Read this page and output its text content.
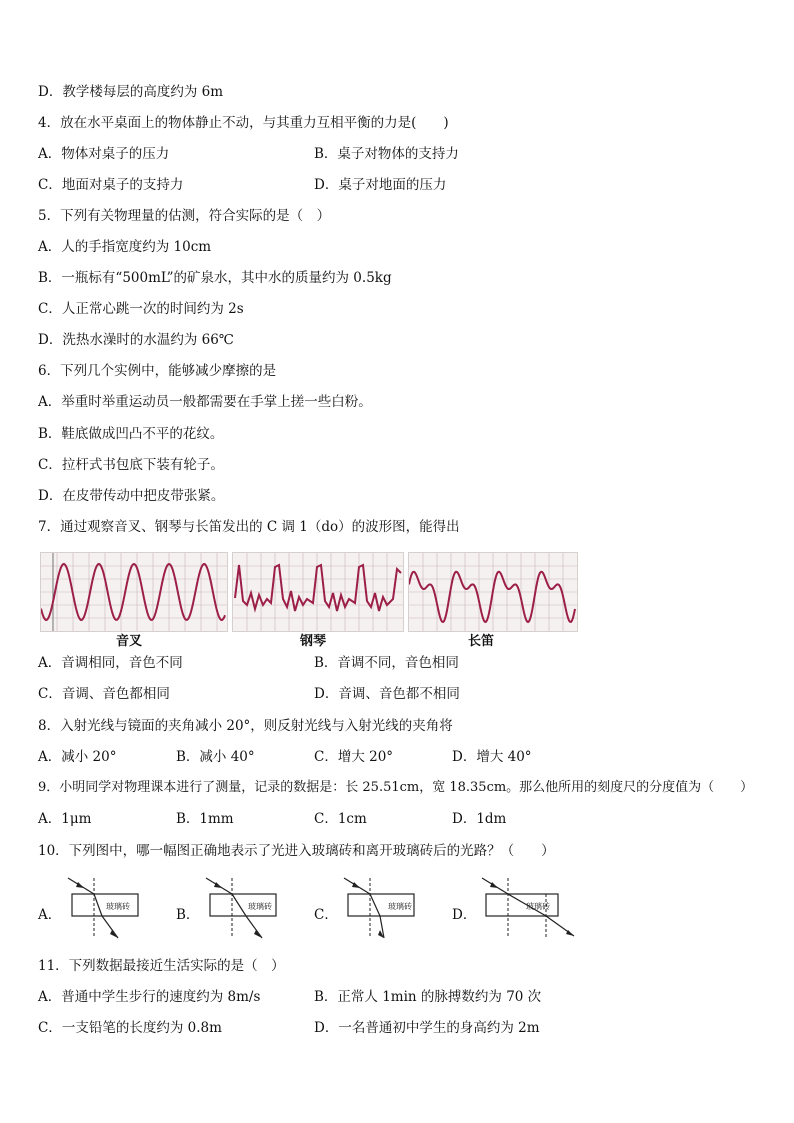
D．教学楼每层的高度约为 6m
4．放在水平桌面上的物体静止不动，与其重力互相平衡的力是(　　)
A．物体对桌子的压力	B．桌子对物体的支持力
C．地面对桌子的支持力	D．桌子对地面的压力
5．下列有关物理量的估测，符合实际的是（　）
A．人的手指宽度约为 10cm
B．一瓶标有“500mL”的矿泉水，其中水的质量约为 0.5kg
C．人正常心跳一次的时间约为 2s
D．洗热水澡时的水温约为 66℃
6．下列几个实例中，能够减少摩擦的是
A．举重时举重运动员一般都需要在手掌上搓一些白粉。
B．鞋底做成凹凸不平的花纹。
C．拉杆式书包底下装有轮子。
D．在皮带传动中把皮带张紧。
7．通过观察音叉、钢琴与长笛发出的 C 调 1（do）的波形图，能得出
音叉	钢琴	长笛
A．音调相同，音色不同	B．音调不同，音色相同
C．音调、音色都相同	D．音调、音色都不相同
8．入射光线与镜面的夹角减小 20°，则反射光线与入射光线的夹角将
A．减小 20°	B．减小 40°	C．增大 20°	D．增大 40°
9．小明同学对物理课本进行了测量，记录的数据是：长 25.51cm，宽 18.35cm。那么他所用的刻度尺的分度值为（　　）
A．1μm	B．1mm	C．1cm	D．1dm
10．下列图中，哪一幅图正确地表示了光进入玻璃砖和离开玻璃砖后的光路？（　　）
A．
玻璃砖
B．
玻璃砖
C．
玻璃砖
D．
玻璃砖
11．下列数据最接近生活实际的是（　）
A．普通中学生步行的速度约为 8m/s	B．正常人 1min 的脉搏数约为 70 次
C．一支铅笔的长度约为 0.8m	D．一名普通初中学生的身高约为 2m
